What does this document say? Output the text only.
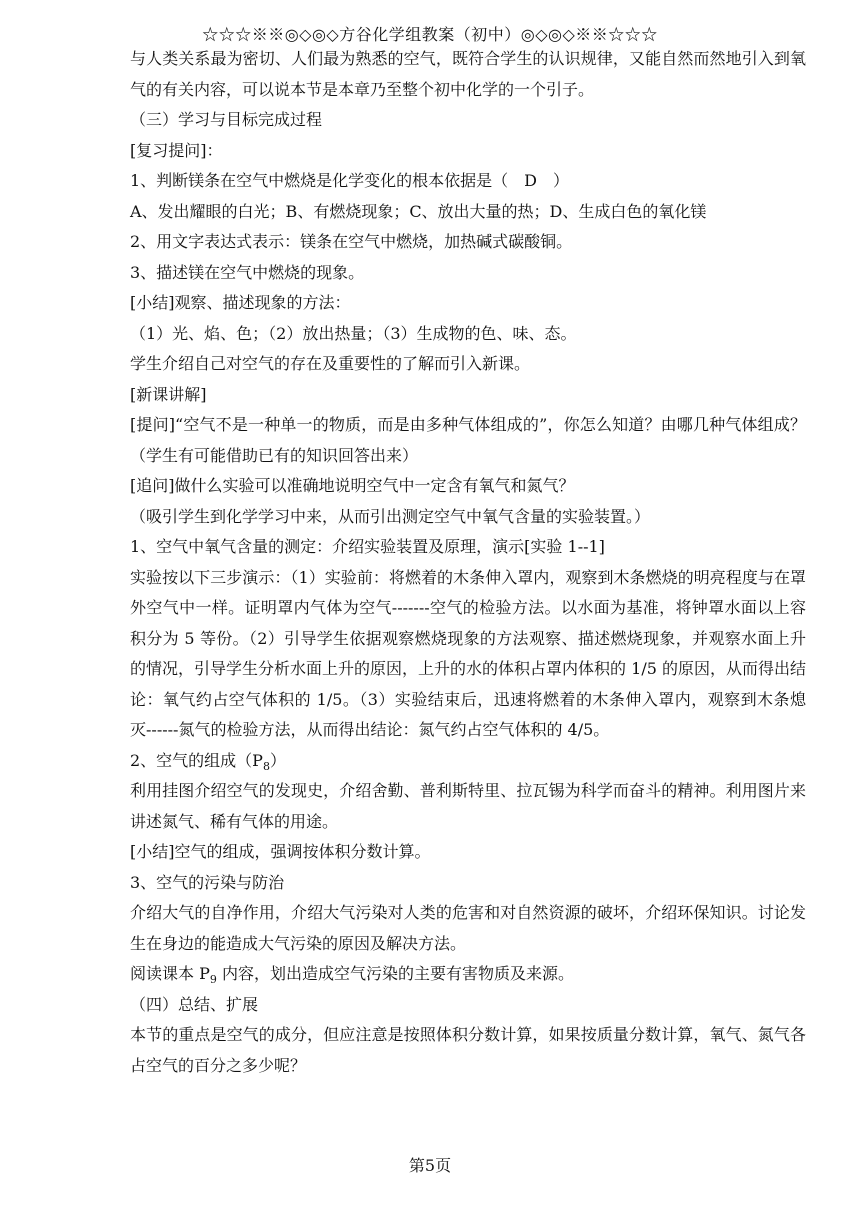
☆☆☆※※◎◇◎◇方谷化学组教案（初中）◎◇◎◇※※☆☆☆

与人类关系最为密切、人们最为熟悉的空气，既符合学生的认识规律，又能自然而然地引入到氧气的有关内容，可以说本节是本章乃至整个初中化学的一个引子。

（三）学习与目标完成过程

[复习提问]：

1、判断镁条在空气中燃烧是化学变化的根本依据是（　D　）

A、发出耀眼的白光；B、有燃烧现象；C、放出大量的热；D、生成白色的氧化镁

2、用文字表达式表示：镁条在空气中燃烧，加热碱式碳酸铜。

3、描述镁在空气中燃烧的现象。

[小结]观察、描述现象的方法：

（1）光、焰、色；（2）放出热量；（3）生成物的色、味、态。

学生介绍自己对空气的存在及重要性的了解而引入新课。

[新课讲解]

[提问]“空气不是一种单一的物质，而是由多种气体组成的”，你怎么知道？由哪几种气体组成？（学生有可能借助已有的知识回答出来）

[追问]做什么实验可以准确地说明空气中一定含有氧气和氮气？

（吸引学生到化学学习中来，从而引出测定空气中氧气含量的实验装置。）

1、空气中氧气含量的测定：介绍实验装置及原理，演示[实验 1--1]

实验按以下三步演示：（1）实验前：将燃着的木条伸入罩内，观察到木条燃烧的明亮程度与在罩外空气中一样。证明罩内气体为空气-------空气的检验方法。以水面为基准，将钟罩水面以上容积分为 5 等份。（2）引导学生依据观察燃烧现象的方法观察、描述燃烧现象，并观察水面上升的情况，引导学生分析水面上升的原因，上升的水的体积占罩内体积的 1/5 的原因，从而得出结论：氧气约占空气体积的 1/5。（3）实验结束后，迅速将燃着的木条伸入罩内，观察到木条熄灭------氮气的检验方法，从而得出结论：氮气约占空气体积的 4/5。

2、空气的组成$(P_8)$

利用挂图介绍空气的发现史，介绍舍勤、普利斯特里、拉瓦锡为科学而奋斗的精神。利用图片来讲述氮气、稀有气体的用途。

[小结]空气的组成，强调按体积分数计算。

3、空气的污染与防治

介绍大气的自净作用，介绍大气污染对人类的危害和对自然资源的破坏，介绍环保知识。讨论发生在身边的能造成大气污染的原因及解决方法。

阅读课本 $P_9$ 内容，划出造成空气污染的主要有害物质及来源。

（四）总结、扩展

本节的重点是空气的成分，但应注意是按照体积分数计算，如果按质量分数计算，氧气、氮气各占空气的百分之多少呢？

第5页
